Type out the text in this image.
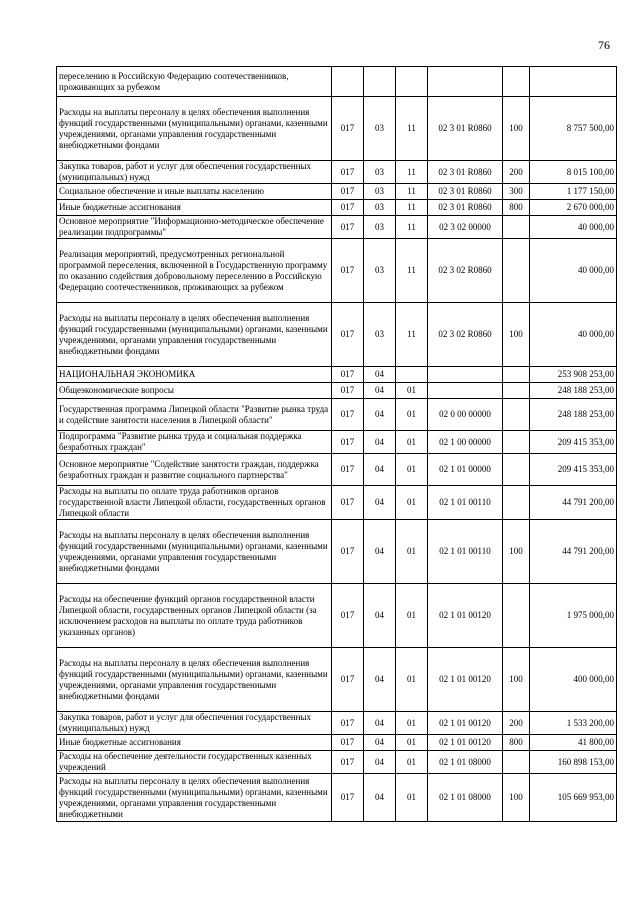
76
переселению в Российскую Федерацию соотечественников, проживающих за рубежом						
Расходы на выплаты персоналу в целях обеспечения выполнения функций государственными (муниципальными) органами, казенными учреждениями, органами управления государственными внебюджетными фондами	017	03	11	02 3 01 R0860	100	8 757 500,00
Закупка товаров, работ и услуг для обеспечения государственных (муниципальных) нужд	017	03	11	02 3 01 R0860	200	8 015 100,00
Социальное обеспечение и иные выплаты населению	017	03	11	02 3 01 R0860	300	1 177 150,00
Иные бюджетные ассигнования	017	03	11	02 3 01 R0860	800	2 670 000,00
Основное мероприятие "Информационно-методическое обеспечение реализации подпрограммы"	017	03	11	02 3 02 00000		40 000,00
Реализация мероприятий, предусмотренных региональной программой переселения, включенной в Государственную программу по оказанию содействия добровольному переселению в Российскую Федерацию соотечественников, проживающих за рубежом	017	03	11	02 3 02 R0860		40 000,00
Расходы на выплаты персоналу в целях обеспечения выполнения функций государственными (муниципальными) органами, казенными учреждениями, органами управления государственными внебюджетными фондами	017	03	11	02 3 02 R0860	100	40 000,00
НАЦИОНАЛЬНАЯ ЭКОНОМИКА	017	04				253 908 253,00
Общеэкономические вопросы	017	04	01			248 188 253,00
Государственная программа Липецкой области "Развитие рынка труда и содействие занятости населения в Липецкой области"	017	04	01	02 0 00 00000		248 188 253,00
Подпрограмма "Развитие рынка труда и социальная поддержка безработных граждан"	017	04	01	02 1 00 00000		209 415 353,00
Основное мероприятие "Содействие занятости граждан, поддержка безработных граждан и развитие социального партнерства"	017	04	01	02 1 01 00000		209 415 353,00
Расходы на выплаты по оплате труда работников органов государственной власти Липецкой области, государственных органов Липецкой области	017	04	01	02 1 01 00110		44 791 200,00
Расходы на выплаты персоналу в целях обеспечения выполнения функций государственными (муниципальными) органами, казенными учреждениями, органами управления государственными внебюджетными фондами	017	04	01	02 1 01 00110	100	44 791 200,00
Расходы на обеспечение функций органов государственной власти Липецкой области, государственных органов Липецкой области (за исключением расходов на выплаты по оплате труда работников указанных органов)	017	04	01	02 1 01 00120		1 975 000,00
Расходы на выплаты персоналу в целях обеспечения выполнения функций государственными (муниципальными) органами, казенными учреждениями, органами управления государственными внебюджетными фондами	017	04	01	02 1 01 00120	100	400 000,00
Закупка товаров, работ и услуг для обеспечения государственных (муниципальных) нужд	017	04	01	02 1 01 00120	200	1 533 200,00
Иные бюджетные ассигнования	017	04	01	02 1 01 00120	800	41 800,00
Расходы на обеспечение деятельности государственных казенных учреждений	017	04	01	02 1 01 08000		160 898 153,00
Расходы на выплаты персоналу в целях обеспечения выполнения функций государственными (муниципальными) органами, казенными учреждениями, органами управления государственными внебюджетными	017	04	01	02 1 01 08000	100	105 669 953,00
